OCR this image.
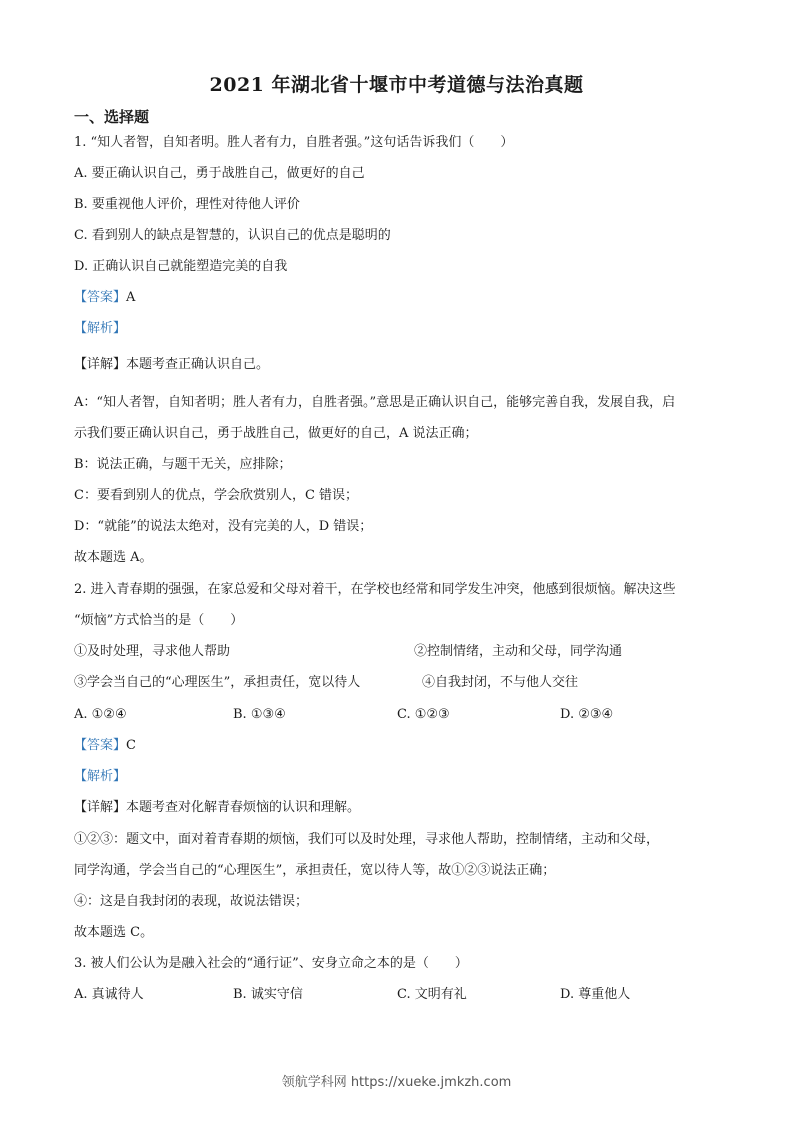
2021 年湖北省十堰市中考道德与法治真题
一、选择题
1. “知人者智，自知者明。胜人者有力，自胜者强。”这句话告诉我们（　　）
A. 要正确认识自己，勇于战胜自己，做更好的自己
B. 要重视他人评价，理性对待他人评价
C. 看到别人的缺点是智慧的，认识自己的优点是聪明的
D. 正确认识自己就能塑造完美的自我
【答案】A
【解析】
【详解】本题考查正确认识自己。
A：“知人者智，自知者明；胜人者有力，自胜者强。”意思是正确认识自己，能够完善自我，发展自我，启
示我们要正确认识自己，勇于战胜自己，做更好的自己，A 说法正确；
B：说法正确，与题干无关，应排除；
C：要看到别人的优点，学会欣赏别人，C 错误；
D：“就能”的说法太绝对，没有完美的人，D 错误；
故本题选 A。
2. 进入青春期的强强，在家总爱和父母对着干，在学校也经常和同学发生冲突，他感到很烦恼。解决这些
“烦恼”方式恰当的是（　　）
①及时处理，寻求他人帮助	②控制情绪，主动和父母，同学沟通
③学会当自己的“心理医生”，承担责任，宽以待人	④自我封闭，不与他人交往
A. ①②④	B. ①③④	C. ①②③	D. ②③④
【答案】C
【解析】
【详解】本题考查对化解青春烦恼的认识和理解。
①②③：题文中，面对着青春期的烦恼，我们可以及时处理，寻求他人帮助，控制情绪，主动和父母，
同学沟通，学会当自己的“心理医生”，承担责任，宽以待人等，故①②③说法正确；
④：这是自我封闭的表现，故说法错误；
故本题选 C。
3. 被人们公认为是融入社会的“通行证”、安身立命之本的是（　　）
A. 真诚待人	B. 诚实守信	C. 文明有礼	D. 尊重他人
领航学科网 https://xueke.jmkzh.com
